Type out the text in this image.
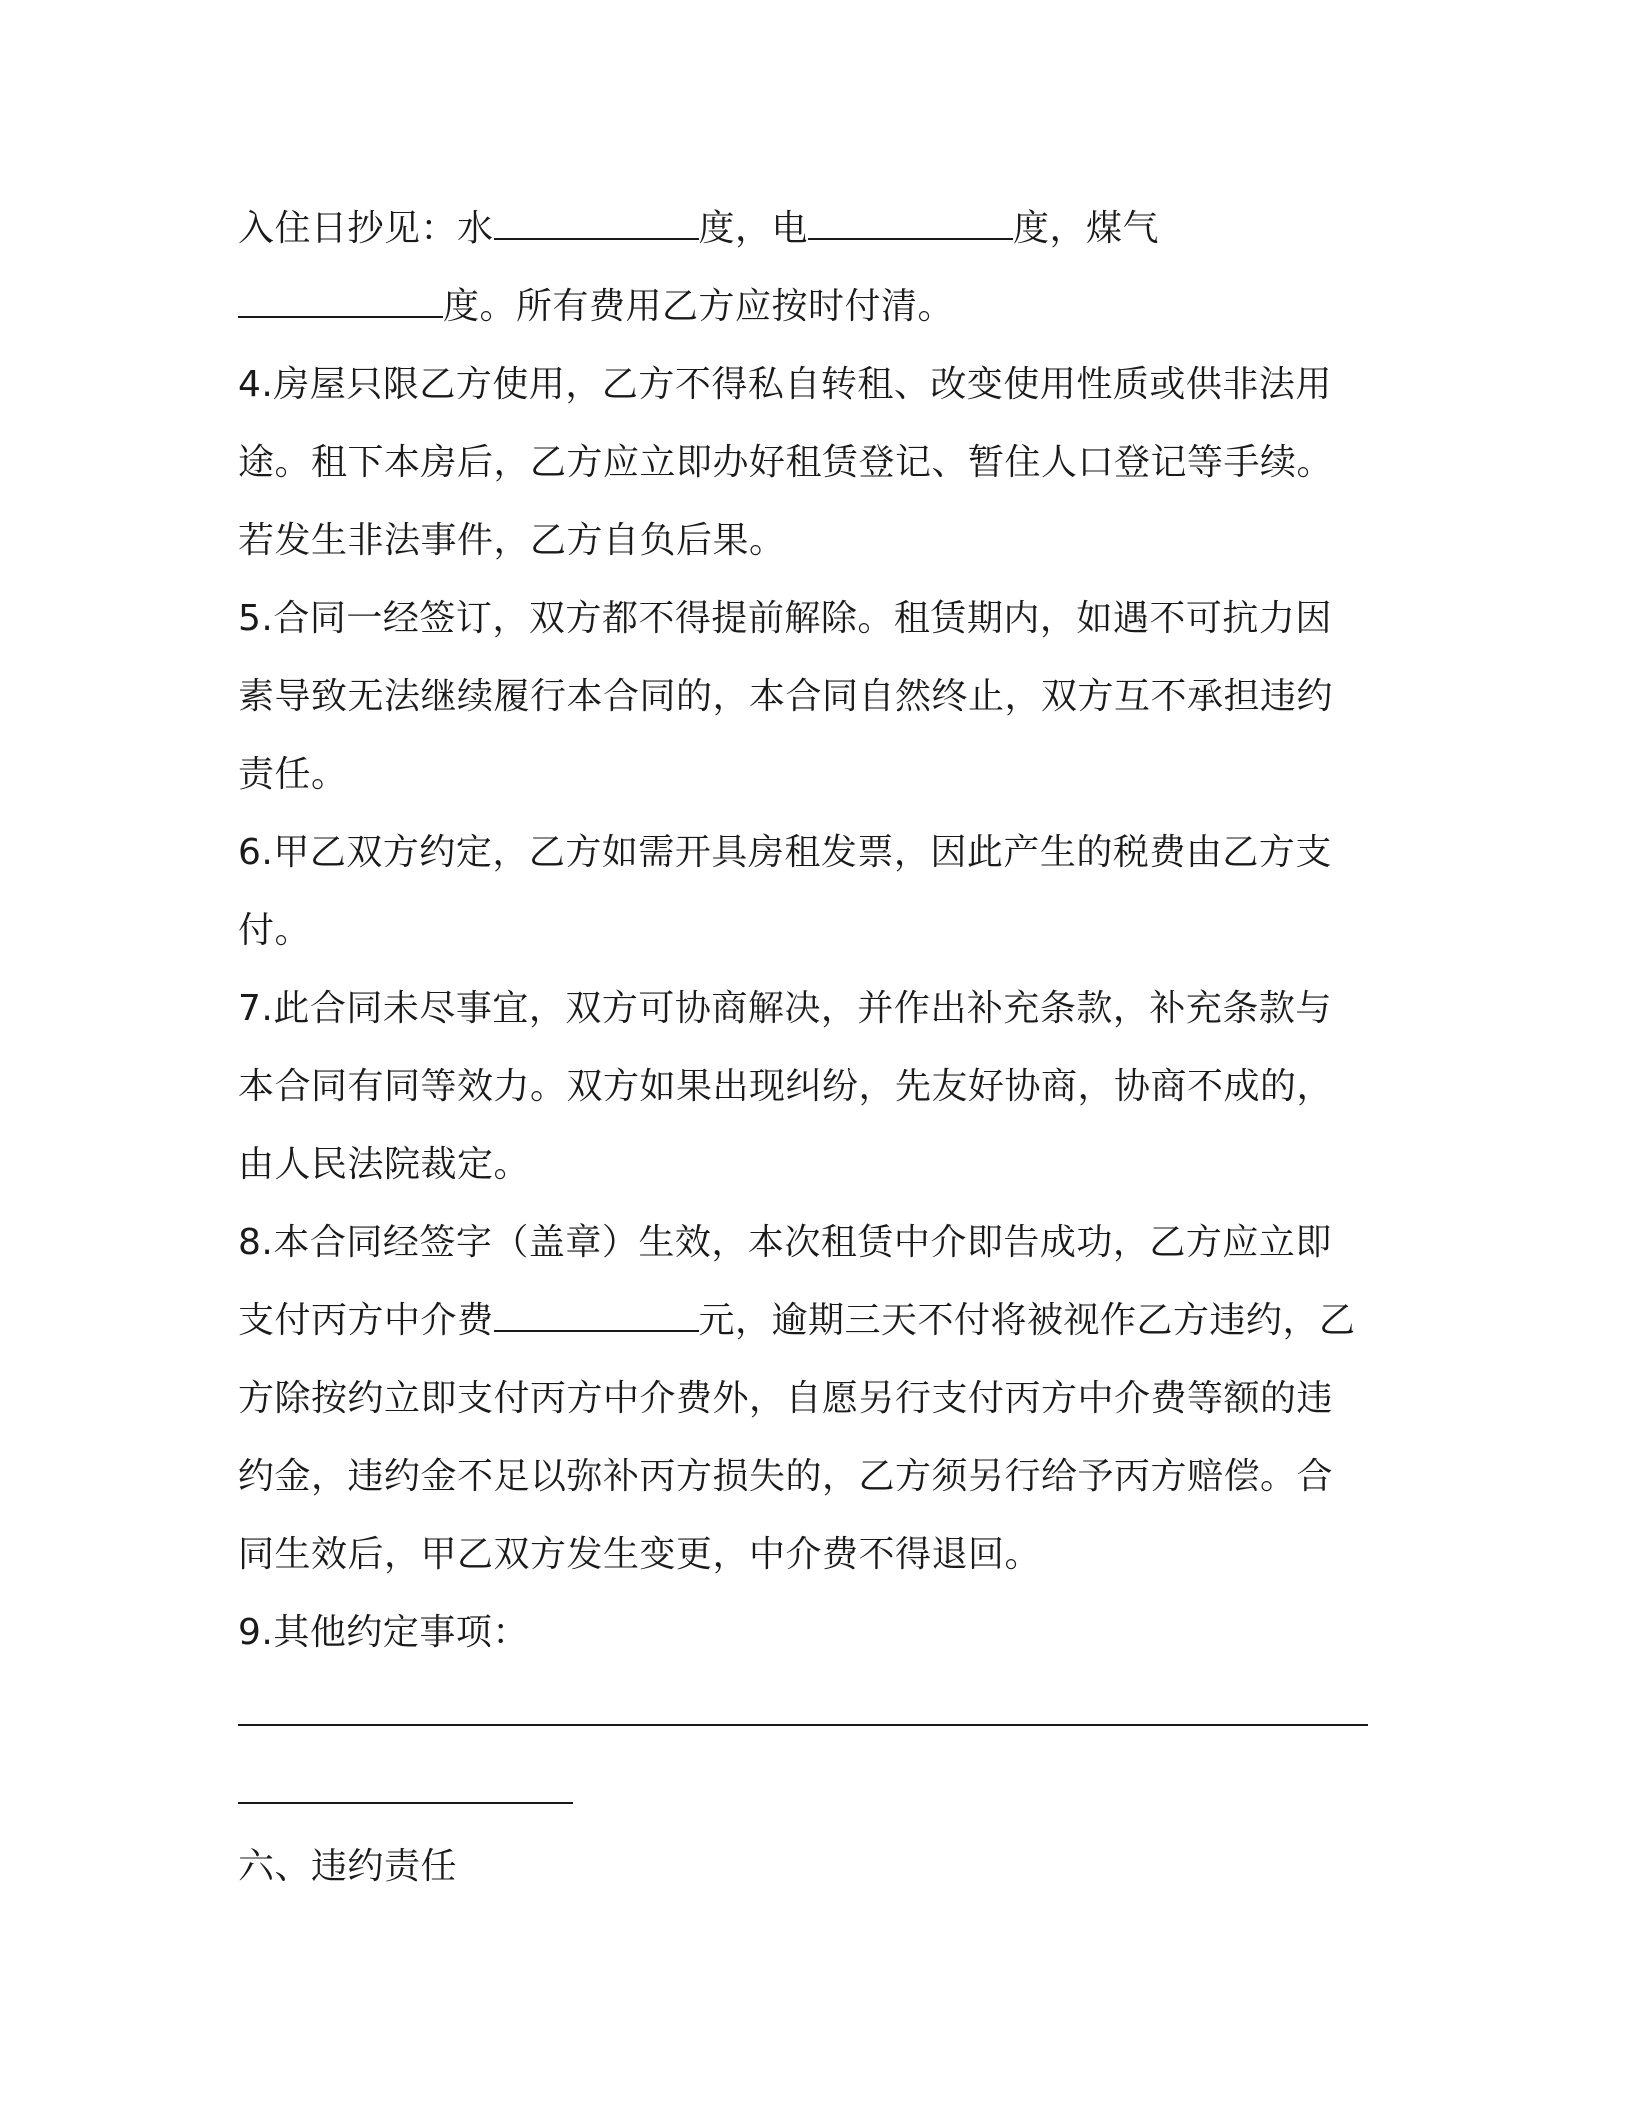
入住日抄见：水	度，电	度，煤气
度。所有费用乙方应按时付清。
4.房屋只限乙方使用，乙方不得私自转租、改变使用性质或供非法用
途。租下本房后，乙方应立即办好租赁登记、暂住人口登记等手续。
若发生非法事件，乙方自负后果。
5.合同一经签订，双方都不得提前解除。租赁期内，如遇不可抗力因
素导致无法继续履行本合同的，本合同自然终止，双方互不承担违约
责任。
6.甲乙双方约定，乙方如需开具房租发票，因此产生的税费由乙方支
付。
7.此合同未尽事宜，双方可协商解决，并作出补充条款，补充条款与
本合同有同等效力。双方如果出现纠纷，先友好协商，协商不成的，
由人民法院裁定。
8.本合同经签字（盖章）生效，本次租赁中介即告成功，乙方应立即
支付丙方中介费	元，逾期三天不付将被视作乙方违约，乙
方除按约立即支付丙方中介费外，自愿另行支付丙方中介费等额的违
约金，违约金不足以弥补丙方损失的，乙方须另行给予丙方赔偿。合
同生效后，甲乙双方发生变更，中介费不得退回。
9.其他约定事项：
六、违约责任
